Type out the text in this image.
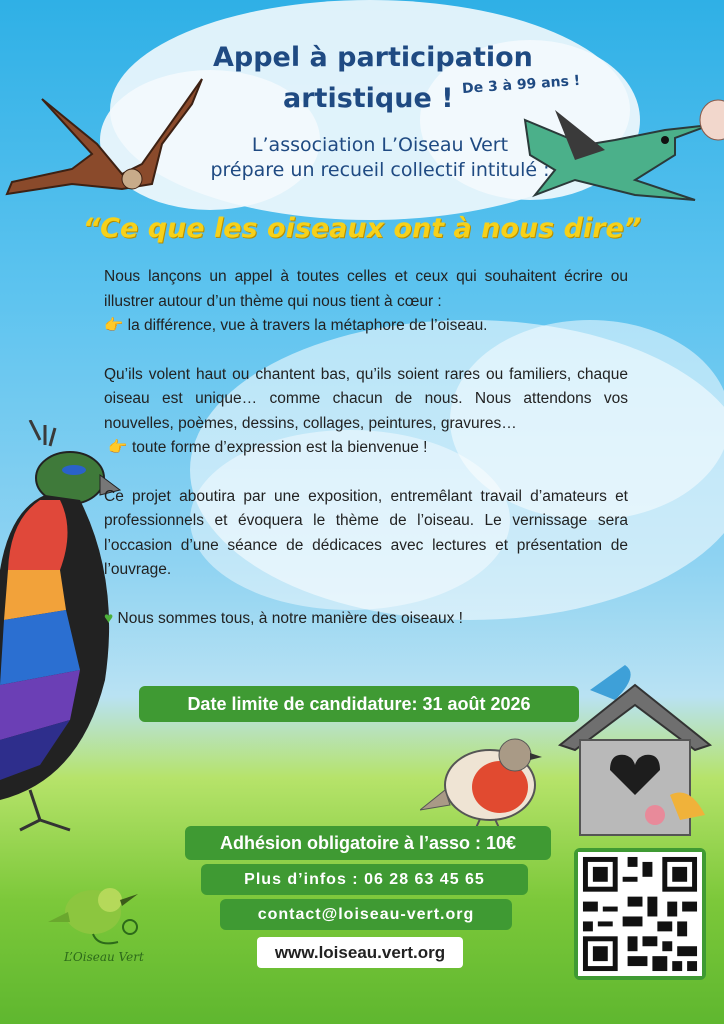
Appel à participation
artistique ! De 3 à 99 ans !
L’association L’Oiseau Vert
prépare un recueil collectif intitulé :
“Ce que les oiseaux ont à nous dire”

Nous lançons un appel à toutes celles et ceux qui souhaitent écrire ou illustrer autour d’un thème qui nous tient à cœur :

👉 la différence, vue à travers la métaphore de l’oiseau.

Qu’ils volent haut ou chantent bas, qu’ils soient rares ou familiers, chaque oiseau est unique… comme chacun de nous. Nous attendons vos nouvelles, poèmes, dessins, collages, peintures, gravures…

👉 toute forme d’expression est la bienvenue !

Ce projet aboutira par une exposition, entremêlant travail d’amateurs et professionnels et évoquera le thème de l’oiseau. Le vernissage sera l’occasion d’une séance de dédicaces avec lectures et présentation de l’ouvrage.

♥ Nous sommes tous, à notre manière des oiseaux !

Date limite de candidature: 31 août 2026
Adhésion obligatoire à l’asso : 10€
Plus d’infos : 06 28 63 45 65
contact@loiseau-vert.org
www.loiseau.vert.org
L’Oiseau Vert
